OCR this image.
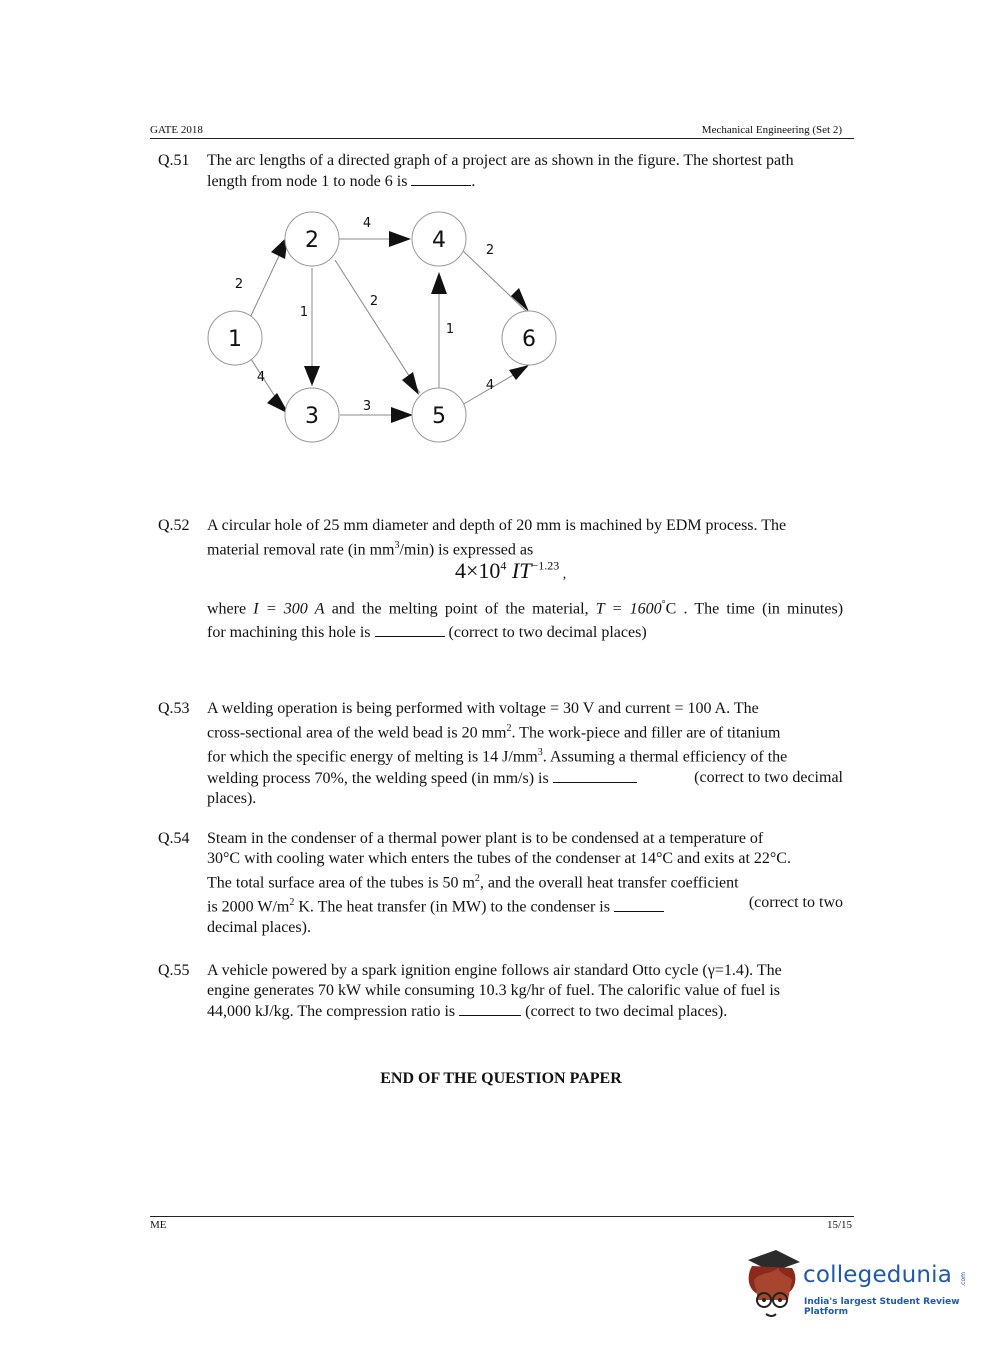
GATE 2018	Mechanical Engineering (Set 2)
Q.51	The arc lengths of a directed graph of a project are as shown in the figure. The shortest path
length from node 1 to node 6 is	.
1
2
3
4
5
6
2
4
1
4
2
3
1
2
4
Q.52	A circular hole of 25 mm diameter and depth of 20 mm is machined by EDM process. The
material removal rate (in $mm^3/\min$) is expressed as
$4\times 10^4$ $IT^{-1.23}$ ,
where I = 300 A and the melting point of the material, T = 1600°C . The time (in minutes)
for machining this hole is	(correct to two decimal places)
Q.53	A welding operation is being performed with voltage = 30 V and current = 100 A. The
cross-sectional area of the weld bead is 20 $mm^2$. The work-piece and filler are of titanium
for which the specific energy of melting is 14 $J/mm^3$. Assuming a thermal efficiency of the
welding process 70%, the welding speed (in mm/s) is	(correct to two decimal
places).
Q.54	Steam in the condenser of a thermal power plant is to be condensed at a temperature of
30°C with cooling water which enters the tubes of the condenser at 14°C and exits at 22°C.
The total surface area of the tubes is 50 $m^2$, and the overall heat transfer coefficient
is 2000 $W/m^2$ K. The heat transfer (in MW) to the condenser is	(correct to two
decimal places).
Q.55	A vehicle powered by a spark ignition engine follows air standard Otto cycle (γ=1.4). The
engine generates 70 kW while consuming 10.3 kg/hr of fuel. The calorific value of fuel is
44,000 kJ/kg. The compression ratio is	(correct to two decimal places).
END OF THE QUESTION PAPER
ME	15/15
collegedunia .com
India's largest Student Review Platform
